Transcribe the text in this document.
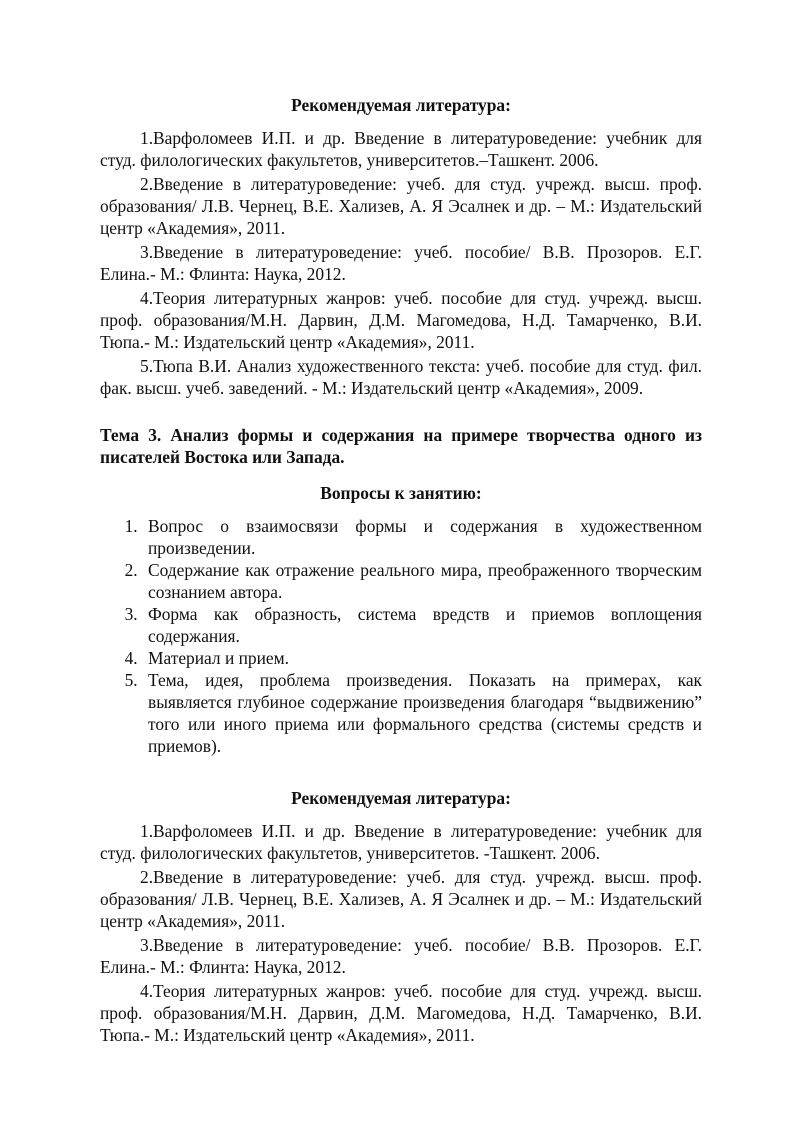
Рекомендуемая литература:

1.Варфоломеев И.П. и др. Введение в литературоведение: учебник для студ. филологических факультетов, университетов.–Ташкент. 2006.

2.Введение в литературоведение: учеб. для студ. учрежд. высш. проф. образования/ Л.В. Чернец, В.Е. Хализев, А. Я Эсалнек и др. – М.: Издательский центр «Академия», 2011.

3.Введение в литературоведение: учеб. пособие/ В.В. Прозоров. Е.Г. Елина.- М.: Флинта: Наука, 2012.

4.Теория литературных жанров: учеб. пособие для студ. учрежд. высш. проф. образования/М.Н. Дарвин, Д.М. Магомедова, Н.Д. Тамарченко, В.И. Тюпа.- М.: Издательский центр «Академия», 2011.

5.Тюпа В.И. Анализ художественного текста: учеб. пособие для студ. фил. фак. высш. учеб. заведений. - М.: Издательский центр «Академия», 2009.

Тема 3. Анализ формы и содержания на примере творчества одного из писателей Востока или Запада.

Вопросы к занятию:

1. Вопрос о взаимосвязи формы и содержания в художественном произведении.
2. Содержание как отражение реального мира, преображенного творческим сознанием автора.
3. Форма как образность, система вредств и приемов воплощения содержания.
4. Материал и прием.
5. Тема, идея, проблема произведения. Показать на примерах, как выявляется глубиное содержание произведения благодаря “выдвижению” того или иного приема или формального средства (системы средств и приемов).

Рекомендуемая литература:

1.Варфоломеев И.П. и др. Введение в литературоведение: учебник для студ. филологических факультетов, университетов. -Ташкент. 2006.

2.Введение в литературоведение: учеб. для студ. учрежд. высш. проф. образования/ Л.В. Чернец, В.Е. Хализев, А. Я Эсалнек и др. – М.: Издательский центр «Академия», 2011.

3.Введение в литературоведение: учеб. пособие/ В.В. Прозоров. Е.Г. Елина.- М.: Флинта: Наука, 2012.

4.Теория литературных жанров: учеб. пособие для студ. учрежд. высш. проф. образования/М.Н. Дарвин, Д.М. Магомедова, Н.Д. Тамарченко, В.И. Тюпа.- М.: Издательский центр «Академия», 2011.
